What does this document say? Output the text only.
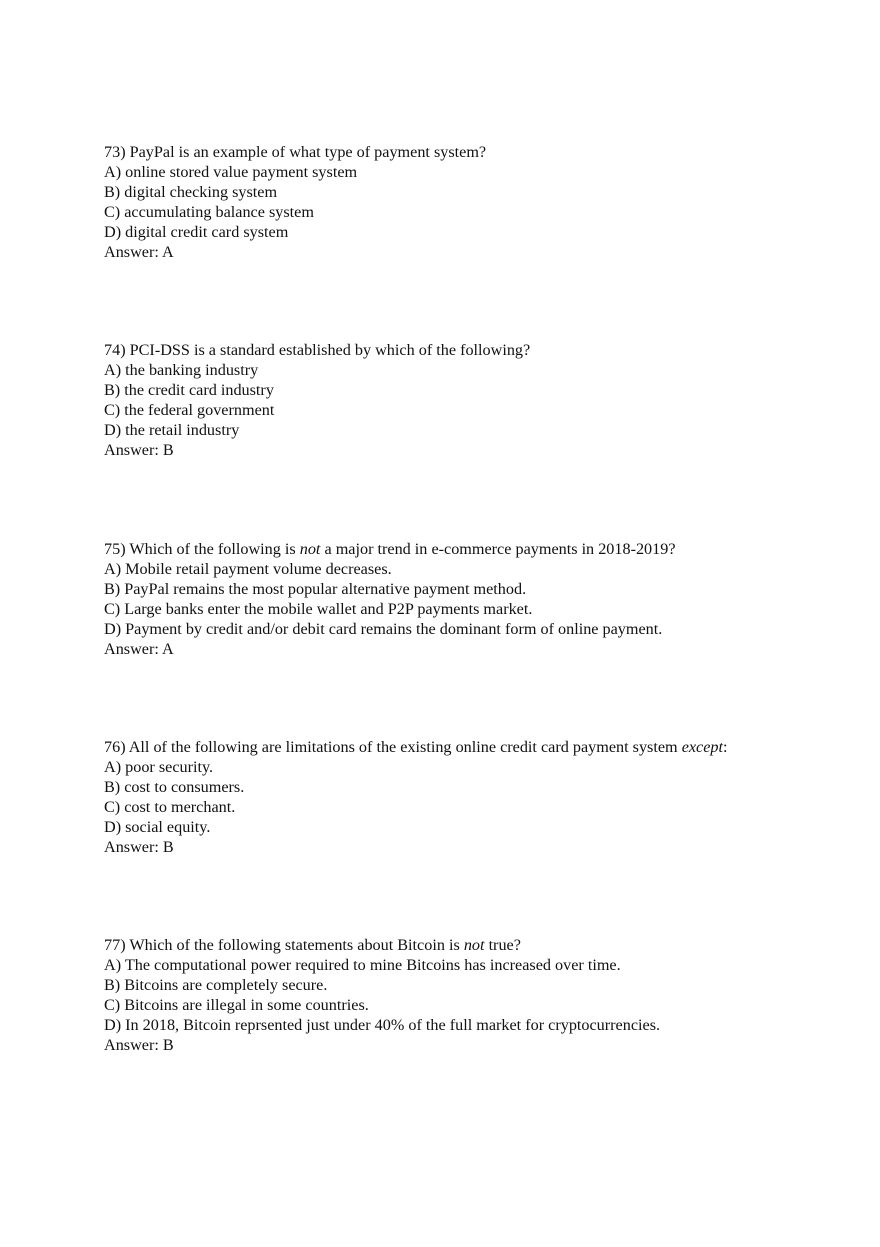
73) PayPal is an example of what type of payment system?
A) online stored value payment system
B) digital checking system
C) accumulating balance system
D) digital credit card system
Answer: A
74) PCI-DSS is a standard established by which of the following?
A) the banking industry
B) the credit card industry
C) the federal government
D) the retail industry
Answer: B
75) Which of the following is not a major trend in e-commerce payments in 2018-2019?
A) Mobile retail payment volume decreases.
B) PayPal remains the most popular alternative payment method.
C) Large banks enter the mobile wallet and P2P payments market.
D) Payment by credit and/or debit card remains the dominant form of online payment.
Answer: A
76) All of the following are limitations of the existing online credit card payment system except:
A) poor security.
B) cost to consumers.
C) cost to merchant.
D) social equity.
Answer: B
77) Which of the following statements about Bitcoin is not true?
A) The computational power required to mine Bitcoins has increased over time.
B) Bitcoins are completely secure.
C) Bitcoins are illegal in some countries.
D) In 2018, Bitcoin reprsented just under 40% of the full market for cryptocurrencies.
Answer: B
